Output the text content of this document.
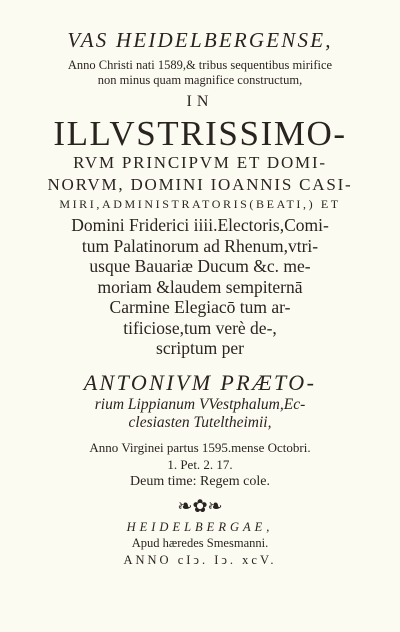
VAS HEIDELBERGENSE,
Anno Christi nati 1589,& tribus sequentibus mirifice
non minus quam magnifice constructum,
IN
ILLVSTRISSIMO-
RVM PRINCIPVM ET DOMI-
NORVM, DOMINI IOANNIS CASI-
MIRI,ADMINISTRATORIS(BEATI,) ET
Domini Friderici iiii.Electoris,Comi-
tum Palatinorum ad Rhenum,vtri-
usque Bauariæ Ducum &c. me-
moriam &laudem sempiternā
Carmine Elegiacō tum ar-
tificiose,tum verè de-,
scriptum per
ANTONIVM PRÆTO-
rium Lippianum VVestphalum,Ec-
clesiasten Tuteltheimii,
Anno Virginei partus 1595.mense Octobri.
1. Pet. 2. 17.
Deum time: Regem cole.
❧✿❧
HEIDELBERGAE,
Apud hæredes Smesmanni.
ANNO cIↄ. Iↄ. xcV.
